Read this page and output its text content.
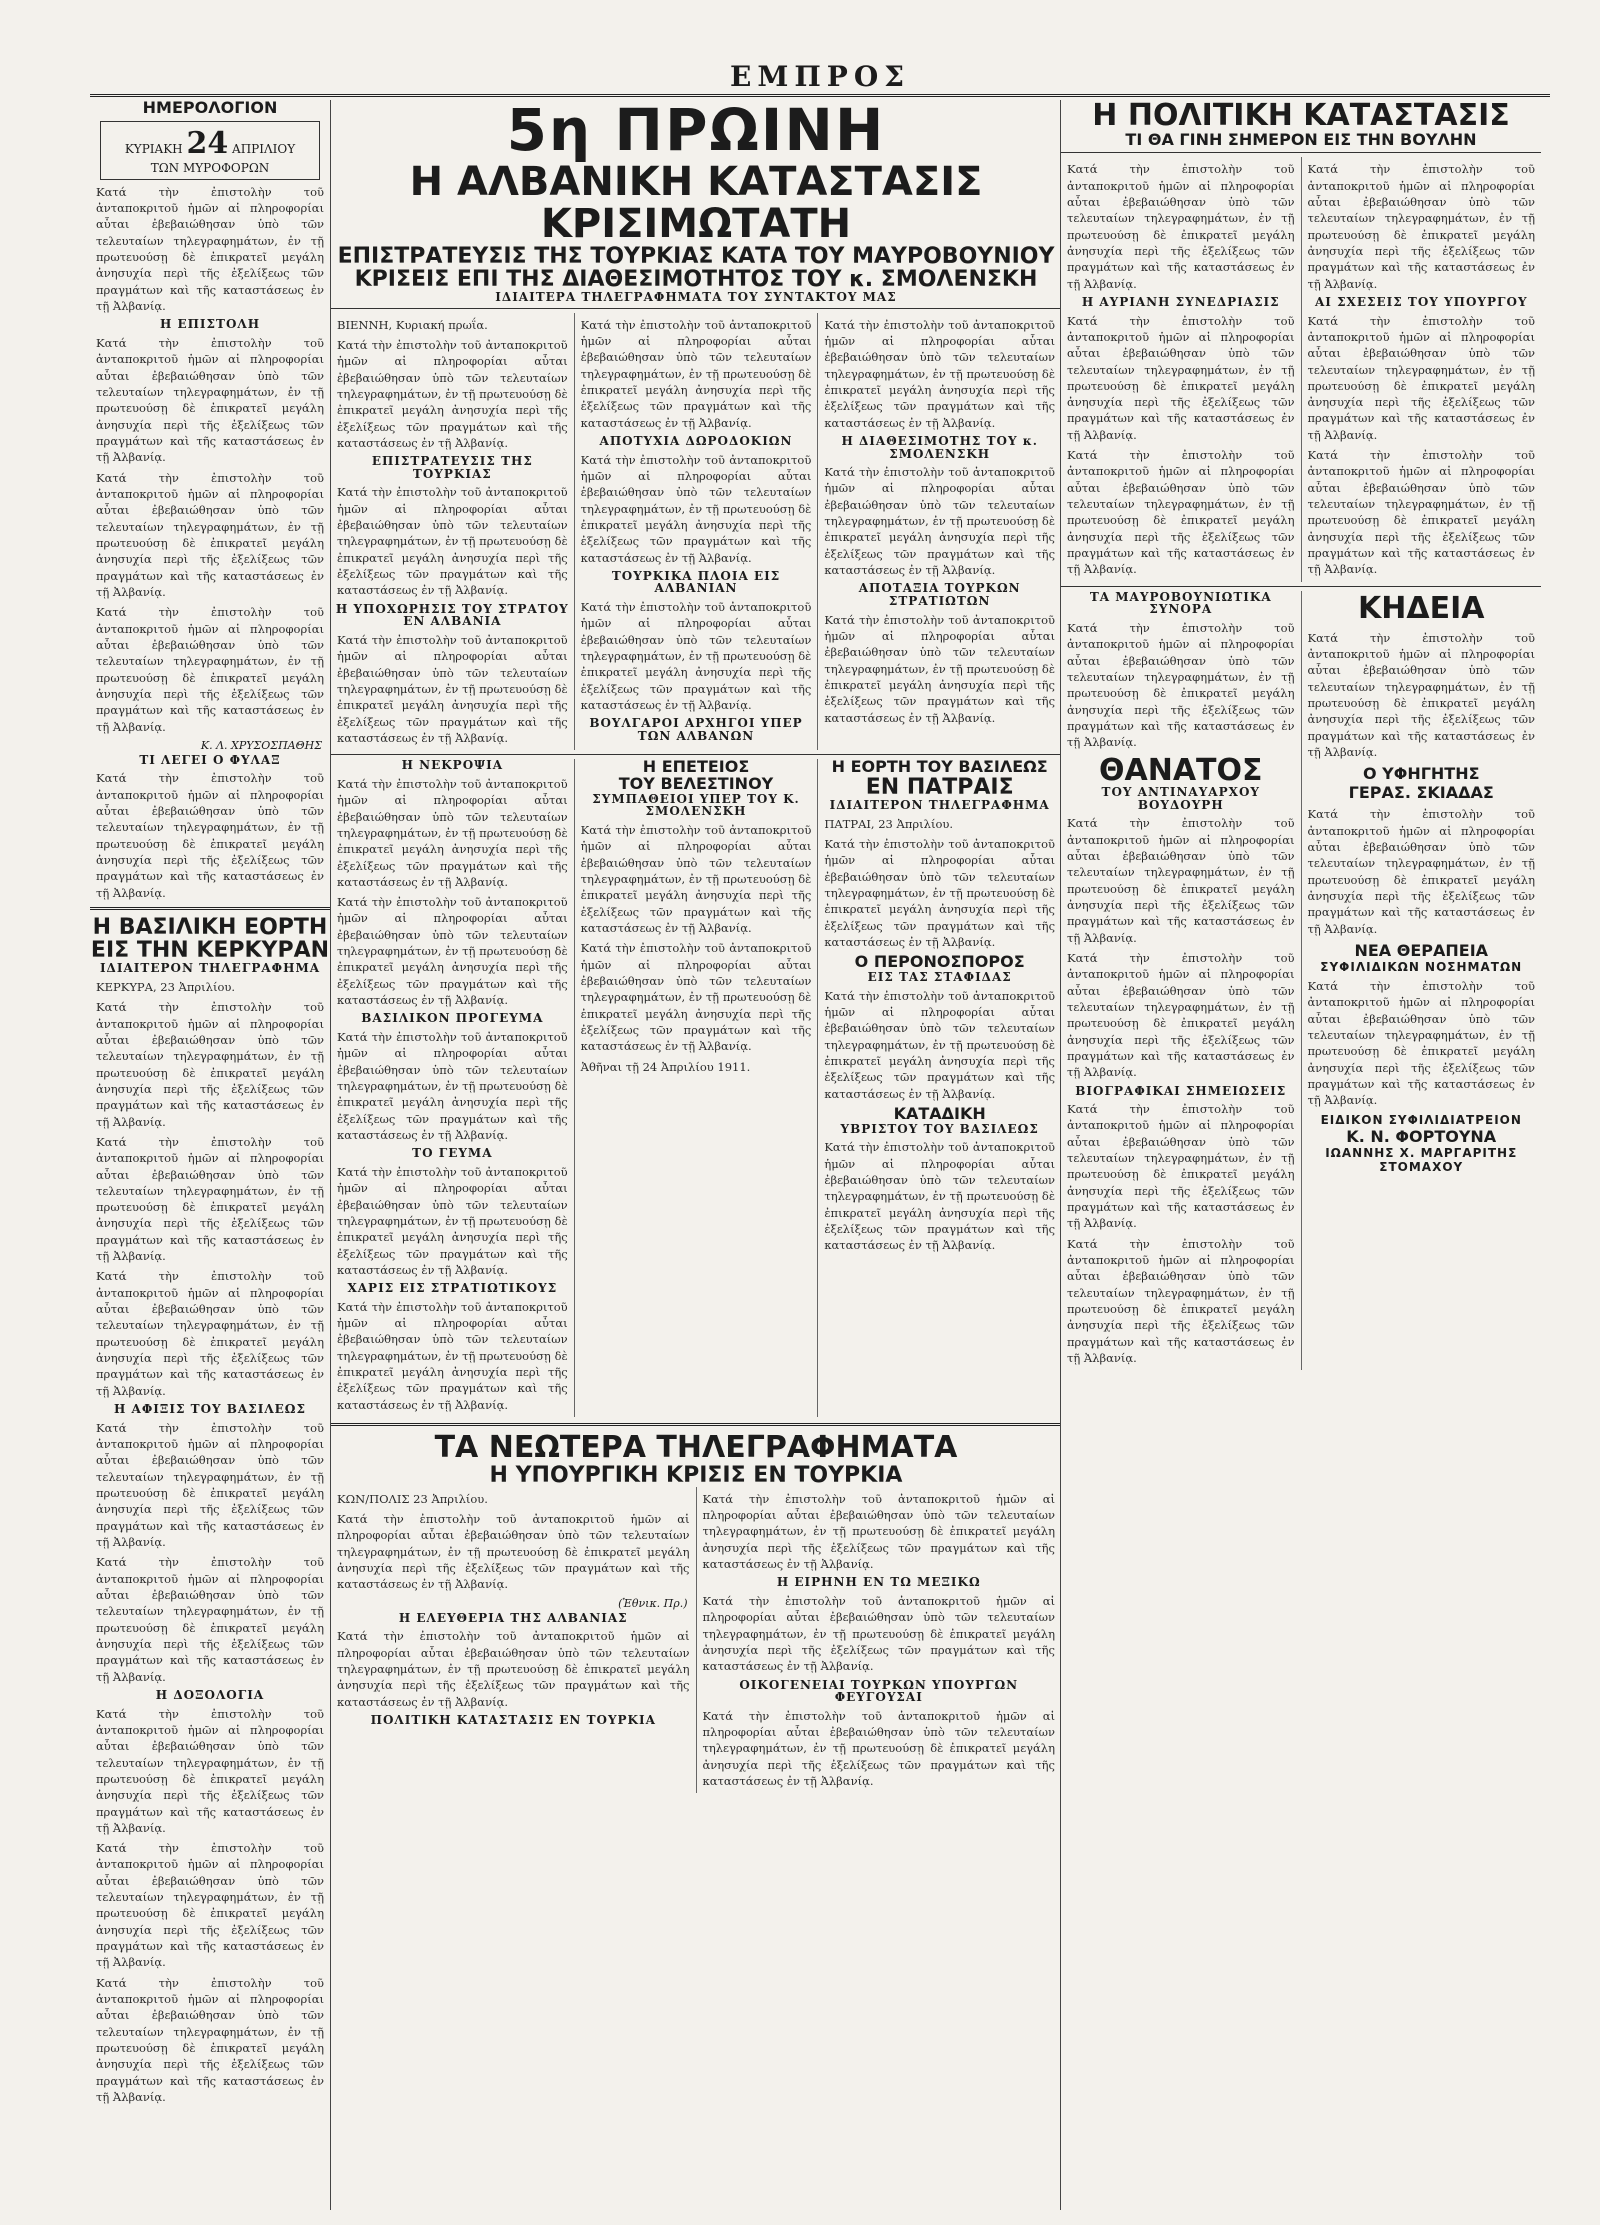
ΕΜΠΡΟΣ
ΗΜΕΡΟΛΟΓΙΟΝ
ΚΥΡΙΑΚΗ 24 ΑΠΡΙΛΙΟΥ
ΤΩΝ ΜΥΡΟΦΟΡΩΝ
Κατά τὴν ἐπιστολὴν τοῦ ἀνταποκριτοῦ ἡμῶν αἱ πληροφορίαι αὗται ἐβεβαιώθησαν ὑπὸ τῶν τελευταίων τηλεγραφημάτων, ἐν τῇ πρωτευούσῃ δὲ ἐπικρατεῖ μεγάλη ἀνησυχία περὶ τῆς ἐξελίξεως τῶν πραγμάτων καὶ τῆς καταστάσεως ἐν τῇ Ἀλβανίᾳ.
Η ΕΠΙΣΤΟΛΗ
Κατά τὴν ἐπιστολὴν τοῦ ἀνταποκριτοῦ ἡμῶν αἱ πληροφορίαι αὗται ἐβεβαιώθησαν ὑπὸ τῶν τελευταίων τηλεγραφημάτων, ἐν τῇ πρωτευούσῃ δὲ ἐπικρατεῖ μεγάλη ἀνησυχία περὶ τῆς ἐξελίξεως τῶν πραγμάτων καὶ τῆς καταστάσεως ἐν τῇ Ἀλβανίᾳ.
Κατά τὴν ἐπιστολὴν τοῦ ἀνταποκριτοῦ ἡμῶν αἱ πληροφορίαι αὗται ἐβεβαιώθησαν ὑπὸ τῶν τελευταίων τηλεγραφημάτων, ἐν τῇ πρωτευούσῃ δὲ ἐπικρατεῖ μεγάλη ἀνησυχία περὶ τῆς ἐξελίξεως τῶν πραγμάτων καὶ τῆς καταστάσεως ἐν τῇ Ἀλβανίᾳ.
Κατά τὴν ἐπιστολὴν τοῦ ἀνταποκριτοῦ ἡμῶν αἱ πληροφορίαι αὗται ἐβεβαιώθησαν ὑπὸ τῶν τελευταίων τηλεγραφημάτων, ἐν τῇ πρωτευούσῃ δὲ ἐπικρατεῖ μεγάλη ἀνησυχία περὶ τῆς ἐξελίξεως τῶν πραγμάτων καὶ τῆς καταστάσεως ἐν τῇ Ἀλβανίᾳ.
Κ. Λ. ΧΡΥΣΟΣΠΑΘΗΣ
ΤΙ ΛΕΓΕΙ Ο ΦΥΛΑΞ
Κατά τὴν ἐπιστολὴν τοῦ ἀνταποκριτοῦ ἡμῶν αἱ πληροφορίαι αὗται ἐβεβαιώθησαν ὑπὸ τῶν τελευταίων τηλεγραφημάτων, ἐν τῇ πρωτευούσῃ δὲ ἐπικρατεῖ μεγάλη ἀνησυχία περὶ τῆς ἐξελίξεως τῶν πραγμάτων καὶ τῆς καταστάσεως ἐν τῇ Ἀλβανίᾳ.
Η ΒΑΣΙΛΙΚΗ ΕΟΡΤΗ
ΕΙΣ ΤΗΝ ΚΕΡΚΥΡΑΝ
ΙΔΙΑΙΤΕΡΟΝ ΤΗΛΕΓΡΑΦΗΜΑ
ΚΕΡΚΥΡΑ, 23 Ἀπριλίου.
Κατά τὴν ἐπιστολὴν τοῦ ἀνταποκριτοῦ ἡμῶν αἱ πληροφορίαι αὗται ἐβεβαιώθησαν ὑπὸ τῶν τελευταίων τηλεγραφημάτων, ἐν τῇ πρωτευούσῃ δὲ ἐπικρατεῖ μεγάλη ἀνησυχία περὶ τῆς ἐξελίξεως τῶν πραγμάτων καὶ τῆς καταστάσεως ἐν τῇ Ἀλβανίᾳ.
Κατά τὴν ἐπιστολὴν τοῦ ἀνταποκριτοῦ ἡμῶν αἱ πληροφορίαι αὗται ἐβεβαιώθησαν ὑπὸ τῶν τελευταίων τηλεγραφημάτων, ἐν τῇ πρωτευούσῃ δὲ ἐπικρατεῖ μεγάλη ἀνησυχία περὶ τῆς ἐξελίξεως τῶν πραγμάτων καὶ τῆς καταστάσεως ἐν τῇ Ἀλβανίᾳ.
Κατά τὴν ἐπιστολὴν τοῦ ἀνταποκριτοῦ ἡμῶν αἱ πληροφορίαι αὗται ἐβεβαιώθησαν ὑπὸ τῶν τελευταίων τηλεγραφημάτων, ἐν τῇ πρωτευούσῃ δὲ ἐπικρατεῖ μεγάλη ἀνησυχία περὶ τῆς ἐξελίξεως τῶν πραγμάτων καὶ τῆς καταστάσεως ἐν τῇ Ἀλβανίᾳ.
Η ΑΦΙΞΙΣ ΤΟΥ ΒΑΣΙΛΕΩΣ
Κατά τὴν ἐπιστολὴν τοῦ ἀνταποκριτοῦ ἡμῶν αἱ πληροφορίαι αὗται ἐβεβαιώθησαν ὑπὸ τῶν τελευταίων τηλεγραφημάτων, ἐν τῇ πρωτευούσῃ δὲ ἐπικρατεῖ μεγάλη ἀνησυχία περὶ τῆς ἐξελίξεως τῶν πραγμάτων καὶ τῆς καταστάσεως ἐν τῇ Ἀλβανίᾳ.
Κατά τὴν ἐπιστολὴν τοῦ ἀνταποκριτοῦ ἡμῶν αἱ πληροφορίαι αὗται ἐβεβαιώθησαν ὑπὸ τῶν τελευταίων τηλεγραφημάτων, ἐν τῇ πρωτευούσῃ δὲ ἐπικρατεῖ μεγάλη ἀνησυχία περὶ τῆς ἐξελίξεως τῶν πραγμάτων καὶ τῆς καταστάσεως ἐν τῇ Ἀλβανίᾳ.
Η ΔΟΞΟΛΟΓΙΑ
Κατά τὴν ἐπιστολὴν τοῦ ἀνταποκριτοῦ ἡμῶν αἱ πληροφορίαι αὗται ἐβεβαιώθησαν ὑπὸ τῶν τελευταίων τηλεγραφημάτων, ἐν τῇ πρωτευούσῃ δὲ ἐπικρατεῖ μεγάλη ἀνησυχία περὶ τῆς ἐξελίξεως τῶν πραγμάτων καὶ τῆς καταστάσεως ἐν τῇ Ἀλβανίᾳ.
Κατά τὴν ἐπιστολὴν τοῦ ἀνταποκριτοῦ ἡμῶν αἱ πληροφορίαι αὗται ἐβεβαιώθησαν ὑπὸ τῶν τελευταίων τηλεγραφημάτων, ἐν τῇ πρωτευούσῃ δὲ ἐπικρατεῖ μεγάλη ἀνησυχία περὶ τῆς ἐξελίξεως τῶν πραγμάτων καὶ τῆς καταστάσεως ἐν τῇ Ἀλβανίᾳ.
Κατά τὴν ἐπιστολὴν τοῦ ἀνταποκριτοῦ ἡμῶν αἱ πληροφορίαι αὗται ἐβεβαιώθησαν ὑπὸ τῶν τελευταίων τηλεγραφημάτων, ἐν τῇ πρωτευούσῃ δὲ ἐπικρατεῖ μεγάλη ἀνησυχία περὶ τῆς ἐξελίξεως τῶν πραγμάτων καὶ τῆς καταστάσεως ἐν τῇ Ἀλβανίᾳ.
5η ΠΡΩΙΝΗ
Η ΑΛΒΑΝΙΚΗ ΚΑΤΑΣΤΑΣΙΣ ΚΡΙΣΙΜΩΤΑΤΗ
ΕΠΙΣΤΡΑΤΕΥΣΙΣ ΤΗΣ ΤΟΥΡΚΙΑΣ ΚΑΤΑ ΤΟΥ ΜΑΥΡΟΒΟΥΝΙΟΥ
ΚΡΙΣΕΙΣ ΕΠΙ ΤΗΣ ΔΙΑΘΕΣΙΜΟΤΗΤΟΣ ΤΟΥ κ. ΣΜΟΛΕΝΣΚΗ
ΙΔΙΑΙΤΕΡΑ ΤΗΛΕΓΡΑΦΗΜΑΤΑ ΤΟΥ ΣΥΝΤΑΚΤΟΥ ΜΑΣ
ΒΙΕΝΝΗ, Κυριακή πρωΐα.
Κατά τὴν ἐπιστολὴν τοῦ ἀνταποκριτοῦ ἡμῶν αἱ πληροφορίαι αὗται ἐβεβαιώθησαν ὑπὸ τῶν τελευταίων τηλεγραφημάτων, ἐν τῇ πρωτευούσῃ δὲ ἐπικρατεῖ μεγάλη ἀνησυχία περὶ τῆς ἐξελίξεως τῶν πραγμάτων καὶ τῆς καταστάσεως ἐν τῇ Ἀλβανίᾳ.
ΕΠΙΣΤΡΑΤΕΥΣΙΣ ΤΗΣ ΤΟΥΡΚΙΑΣ
Κατά τὴν ἐπιστολὴν τοῦ ἀνταποκριτοῦ ἡμῶν αἱ πληροφορίαι αὗται ἐβεβαιώθησαν ὑπὸ τῶν τελευταίων τηλεγραφημάτων, ἐν τῇ πρωτευούσῃ δὲ ἐπικρατεῖ μεγάλη ἀνησυχία περὶ τῆς ἐξελίξεως τῶν πραγμάτων καὶ τῆς καταστάσεως ἐν τῇ Ἀλβανίᾳ.
Η ΥΠΟΧΩΡΗΣΙΣ ΤΟΥ ΣΤΡΑΤΟΥ ΕΝ ΑΛΒΑΝΙΑ
Κατά τὴν ἐπιστολὴν τοῦ ἀνταποκριτοῦ ἡμῶν αἱ πληροφορίαι αὗται ἐβεβαιώθησαν ὑπὸ τῶν τελευταίων τηλεγραφημάτων, ἐν τῇ πρωτευούσῃ δὲ ἐπικρατεῖ μεγάλη ἀνησυχία περὶ τῆς ἐξελίξεως τῶν πραγμάτων καὶ τῆς καταστάσεως ἐν τῇ Ἀλβανίᾳ.
Κατά τὴν ἐπιστολὴν τοῦ ἀνταποκριτοῦ ἡμῶν αἱ πληροφορίαι αὗται ἐβεβαιώθησαν ὑπὸ τῶν τελευταίων τηλεγραφημάτων, ἐν τῇ πρωτευούσῃ δὲ ἐπικρατεῖ μεγάλη ἀνησυχία περὶ τῆς ἐξελίξεως τῶν πραγμάτων καὶ τῆς καταστάσεως ἐν τῇ Ἀλβανίᾳ.
ΑΠΟΤΥΧΙΑ ΔΩΡΟΔΟΚΙΩΝ
Κατά τὴν ἐπιστολὴν τοῦ ἀνταποκριτοῦ ἡμῶν αἱ πληροφορίαι αὗται ἐβεβαιώθησαν ὑπὸ τῶν τελευταίων τηλεγραφημάτων, ἐν τῇ πρωτευούσῃ δὲ ἐπικρατεῖ μεγάλη ἀνησυχία περὶ τῆς ἐξελίξεως τῶν πραγμάτων καὶ τῆς καταστάσεως ἐν τῇ Ἀλβανίᾳ.
ΤΟΥΡΚΙΚΑ ΠΛΟΙΑ ΕΙΣ ΑΛΒΑΝΙΑΝ
Κατά τὴν ἐπιστολὴν τοῦ ἀνταποκριτοῦ ἡμῶν αἱ πληροφορίαι αὗται ἐβεβαιώθησαν ὑπὸ τῶν τελευταίων τηλεγραφημάτων, ἐν τῇ πρωτευούσῃ δὲ ἐπικρατεῖ μεγάλη ἀνησυχία περὶ τῆς ἐξελίξεως τῶν πραγμάτων καὶ τῆς καταστάσεως ἐν τῇ Ἀλβανίᾳ.
ΒΟΥΛΓΑΡΟΙ ΑΡΧΗΓΟΙ ΥΠΕΡ ΤΩΝ ΑΛΒΑΝΩΝ
Κατά τὴν ἐπιστολὴν τοῦ ἀνταποκριτοῦ ἡμῶν αἱ πληροφορίαι αὗται ἐβεβαιώθησαν ὑπὸ τῶν τελευταίων τηλεγραφημάτων, ἐν τῇ πρωτευούσῃ δὲ ἐπικρατεῖ μεγάλη ἀνησυχία περὶ τῆς ἐξελίξεως τῶν πραγμάτων καὶ τῆς καταστάσεως ἐν τῇ Ἀλβανίᾳ.
Η ΔΙΑΘΕΣΙΜΟΤΗΣ ΤΟΥ κ. ΣΜΟΛΕΝΣΚΗ
Κατά τὴν ἐπιστολὴν τοῦ ἀνταποκριτοῦ ἡμῶν αἱ πληροφορίαι αὗται ἐβεβαιώθησαν ὑπὸ τῶν τελευταίων τηλεγραφημάτων, ἐν τῇ πρωτευούσῃ δὲ ἐπικρατεῖ μεγάλη ἀνησυχία περὶ τῆς ἐξελίξεως τῶν πραγμάτων καὶ τῆς καταστάσεως ἐν τῇ Ἀλβανίᾳ.
ΑΠΟΤΑΞΙΑ ΤΟΥΡΚΩΝ ΣΤΡΑΤΙΩΤΩΝ
Κατά τὴν ἐπιστολὴν τοῦ ἀνταποκριτοῦ ἡμῶν αἱ πληροφορίαι αὗται ἐβεβαιώθησαν ὑπὸ τῶν τελευταίων τηλεγραφημάτων, ἐν τῇ πρωτευούσῃ δὲ ἐπικρατεῖ μεγάλη ἀνησυχία περὶ τῆς ἐξελίξεως τῶν πραγμάτων καὶ τῆς καταστάσεως ἐν τῇ Ἀλβανίᾳ.
Η ΝΕΚΡΟΨΙΑ
Κατά τὴν ἐπιστολὴν τοῦ ἀνταποκριτοῦ ἡμῶν αἱ πληροφορίαι αὗται ἐβεβαιώθησαν ὑπὸ τῶν τελευταίων τηλεγραφημάτων, ἐν τῇ πρωτευούσῃ δὲ ἐπικρατεῖ μεγάλη ἀνησυχία περὶ τῆς ἐξελίξεως τῶν πραγμάτων καὶ τῆς καταστάσεως ἐν τῇ Ἀλβανίᾳ.
Κατά τὴν ἐπιστολὴν τοῦ ἀνταποκριτοῦ ἡμῶν αἱ πληροφορίαι αὗται ἐβεβαιώθησαν ὑπὸ τῶν τελευταίων τηλεγραφημάτων, ἐν τῇ πρωτευούσῃ δὲ ἐπικρατεῖ μεγάλη ἀνησυχία περὶ τῆς ἐξελίξεως τῶν πραγμάτων καὶ τῆς καταστάσεως ἐν τῇ Ἀλβανίᾳ.
ΒΑΣΙΛΙΚΟΝ ΠΡΟΓΕΥΜΑ
Κατά τὴν ἐπιστολὴν τοῦ ἀνταποκριτοῦ ἡμῶν αἱ πληροφορίαι αὗται ἐβεβαιώθησαν ὑπὸ τῶν τελευταίων τηλεγραφημάτων, ἐν τῇ πρωτευούσῃ δὲ ἐπικρατεῖ μεγάλη ἀνησυχία περὶ τῆς ἐξελίξεως τῶν πραγμάτων καὶ τῆς καταστάσεως ἐν τῇ Ἀλβανίᾳ.
ΤΟ ΓΕΥΜΑ
Κατά τὴν ἐπιστολὴν τοῦ ἀνταποκριτοῦ ἡμῶν αἱ πληροφορίαι αὗται ἐβεβαιώθησαν ὑπὸ τῶν τελευταίων τηλεγραφημάτων, ἐν τῇ πρωτευούσῃ δὲ ἐπικρατεῖ μεγάλη ἀνησυχία περὶ τῆς ἐξελίξεως τῶν πραγμάτων καὶ τῆς καταστάσεως ἐν τῇ Ἀλβανίᾳ.
ΧΑΡΙΣ ΕΙΣ ΣΤΡΑΤΙΩΤΙΚΟΥΣ
Κατά τὴν ἐπιστολὴν τοῦ ἀνταποκριτοῦ ἡμῶν αἱ πληροφορίαι αὗται ἐβεβαιώθησαν ὑπὸ τῶν τελευταίων τηλεγραφημάτων, ἐν τῇ πρωτευούσῃ δὲ ἐπικρατεῖ μεγάλη ἀνησυχία περὶ τῆς ἐξελίξεως τῶν πραγμάτων καὶ τῆς καταστάσεως ἐν τῇ Ἀλβανίᾳ.
Η ΕΠΕΤΕΙΟΣ
ΤΟΥ ΒΕΛΕΣΤΙΝΟΥ
ΣΥΜΠΑΘΕΙΟΙ ΥΠΕΡ ΤΟΥ Κ. ΣΜΟΛΕΝΣΚΗ
Κατά τὴν ἐπιστολὴν τοῦ ἀνταποκριτοῦ ἡμῶν αἱ πληροφορίαι αὗται ἐβεβαιώθησαν ὑπὸ τῶν τελευταίων τηλεγραφημάτων, ἐν τῇ πρωτευούσῃ δὲ ἐπικρατεῖ μεγάλη ἀνησυχία περὶ τῆς ἐξελίξεως τῶν πραγμάτων καὶ τῆς καταστάσεως ἐν τῇ Ἀλβανίᾳ.
Κατά τὴν ἐπιστολὴν τοῦ ἀνταποκριτοῦ ἡμῶν αἱ πληροφορίαι αὗται ἐβεβαιώθησαν ὑπὸ τῶν τελευταίων τηλεγραφημάτων, ἐν τῇ πρωτευούσῃ δὲ ἐπικρατεῖ μεγάλη ἀνησυχία περὶ τῆς ἐξελίξεως τῶν πραγμάτων καὶ τῆς καταστάσεως ἐν τῇ Ἀλβανίᾳ.
Ἀθῆναι τῇ 24 Ἀπριλίου 1911.
Η ΕΟΡΤΗ ΤΟΥ ΒΑΣΙΛΕΩΣ
ΕΝ ΠΑΤΡΑΙΣ
ΙΔΙΑΙΤΕΡΟΝ ΤΗΛΕΓΡΑΦΗΜΑ
ΠΑΤΡΑΙ, 23 Ἀπριλίου.
Κατά τὴν ἐπιστολὴν τοῦ ἀνταποκριτοῦ ἡμῶν αἱ πληροφορίαι αὗται ἐβεβαιώθησαν ὑπὸ τῶν τελευταίων τηλεγραφημάτων, ἐν τῇ πρωτευούσῃ δὲ ἐπικρατεῖ μεγάλη ἀνησυχία περὶ τῆς ἐξελίξεως τῶν πραγμάτων καὶ τῆς καταστάσεως ἐν τῇ Ἀλβανίᾳ.
Ο ΠΕΡΟΝΟΣΠΟΡΟΣ
ΕΙΣ ΤΑΣ ΣΤΑΦΙΔΑΣ
Κατά τὴν ἐπιστολὴν τοῦ ἀνταποκριτοῦ ἡμῶν αἱ πληροφορίαι αὗται ἐβεβαιώθησαν ὑπὸ τῶν τελευταίων τηλεγραφημάτων, ἐν τῇ πρωτευούσῃ δὲ ἐπικρατεῖ μεγάλη ἀνησυχία περὶ τῆς ἐξελίξεως τῶν πραγμάτων καὶ τῆς καταστάσεως ἐν τῇ Ἀλβανίᾳ.
ΚΑΤΑΔΙΚΗ
ΥΒΡΙΣΤΟΥ ΤΟΥ ΒΑΣΙΛΕΩΣ
Κατά τὴν ἐπιστολὴν τοῦ ἀνταποκριτοῦ ἡμῶν αἱ πληροφορίαι αὗται ἐβεβαιώθησαν ὑπὸ τῶν τελευταίων τηλεγραφημάτων, ἐν τῇ πρωτευούσῃ δὲ ἐπικρατεῖ μεγάλη ἀνησυχία περὶ τῆς ἐξελίξεως τῶν πραγμάτων καὶ τῆς καταστάσεως ἐν τῇ Ἀλβανίᾳ.
ΤΑ ΝΕΩΤΕΡΑ ΤΗΛΕΓΡΑΦΗΜΑΤΑ
Η ΥΠΟΥΡΓΙΚΗ ΚΡΙΣΙΣ ΕΝ ΤΟΥΡΚΙΑ
ΚΩΝ/ΠΟΛΙΣ 23 Ἀπριλίου.
Κατά τὴν ἐπιστολὴν τοῦ ἀνταποκριτοῦ ἡμῶν αἱ πληροφορίαι αὗται ἐβεβαιώθησαν ὑπὸ τῶν τελευταίων τηλεγραφημάτων, ἐν τῇ πρωτευούσῃ δὲ ἐπικρατεῖ μεγάλη ἀνησυχία περὶ τῆς ἐξελίξεως τῶν πραγμάτων καὶ τῆς καταστάσεως ἐν τῇ Ἀλβανίᾳ.
(Ἐθνικ. Πρ.)
Η ΕΛΕΥΘΕΡΙΑ ΤΗΣ ΑΛΒΑΝΙΑΣ
Κατά τὴν ἐπιστολὴν τοῦ ἀνταποκριτοῦ ἡμῶν αἱ πληροφορίαι αὗται ἐβεβαιώθησαν ὑπὸ τῶν τελευταίων τηλεγραφημάτων, ἐν τῇ πρωτευούσῃ δὲ ἐπικρατεῖ μεγάλη ἀνησυχία περὶ τῆς ἐξελίξεως τῶν πραγμάτων καὶ τῆς καταστάσεως ἐν τῇ Ἀλβανίᾳ.
ΠΟΛΙΤΙΚΗ ΚΑΤΑΣΤΑΣΙΣ ΕΝ ΤΟΥΡΚΙΑ
Κατά τὴν ἐπιστολὴν τοῦ ἀνταποκριτοῦ ἡμῶν αἱ πληροφορίαι αὗται ἐβεβαιώθησαν ὑπὸ τῶν τελευταίων τηλεγραφημάτων, ἐν τῇ πρωτευούσῃ δὲ ἐπικρατεῖ μεγάλη ἀνησυχία περὶ τῆς ἐξελίξεως τῶν πραγμάτων καὶ τῆς καταστάσεως ἐν τῇ Ἀλβανίᾳ.
Η ΕΙΡΗΝΗ ΕΝ ΤΩ ΜΕΞΙΚΩ
Κατά τὴν ἐπιστολὴν τοῦ ἀνταποκριτοῦ ἡμῶν αἱ πληροφορίαι αὗται ἐβεβαιώθησαν ὑπὸ τῶν τελευταίων τηλεγραφημάτων, ἐν τῇ πρωτευούσῃ δὲ ἐπικρατεῖ μεγάλη ἀνησυχία περὶ τῆς ἐξελίξεως τῶν πραγμάτων καὶ τῆς καταστάσεως ἐν τῇ Ἀλβανίᾳ.
ΟΙΚΟΓΕΝΕΙΑΙ ΤΟΥΡΚΩΝ ΥΠΟΥΡΓΩΝ ΦΕΥΓΟΥΣΑΙ
Κατά τὴν ἐπιστολὴν τοῦ ἀνταποκριτοῦ ἡμῶν αἱ πληροφορίαι αὗται ἐβεβαιώθησαν ὑπὸ τῶν τελευταίων τηλεγραφημάτων, ἐν τῇ πρωτευούσῃ δὲ ἐπικρατεῖ μεγάλη ἀνησυχία περὶ τῆς ἐξελίξεως τῶν πραγμάτων καὶ τῆς καταστάσεως ἐν τῇ Ἀλβανίᾳ.
Η ΠΟΛΙΤΙΚΗ ΚΑΤΑΣΤΑΣΙΣ
ΤΙ ΘΑ ΓΙΝΗ ΣΗΜΕΡΟΝ ΕΙΣ ΤΗΝ ΒΟΥΛΗΝ
Κατά τὴν ἐπιστολὴν τοῦ ἀνταποκριτοῦ ἡμῶν αἱ πληροφορίαι αὗται ἐβεβαιώθησαν ὑπὸ τῶν τελευταίων τηλεγραφημάτων, ἐν τῇ πρωτευούσῃ δὲ ἐπικρατεῖ μεγάλη ἀνησυχία περὶ τῆς ἐξελίξεως τῶν πραγμάτων καὶ τῆς καταστάσεως ἐν τῇ Ἀλβανίᾳ.
Η ΑΥΡΙΑΝΗ ΣΥΝΕΔΡΙΑΣΙΣ
Κατά τὴν ἐπιστολὴν τοῦ ἀνταποκριτοῦ ἡμῶν αἱ πληροφορίαι αὗται ἐβεβαιώθησαν ὑπὸ τῶν τελευταίων τηλεγραφημάτων, ἐν τῇ πρωτευούσῃ δὲ ἐπικρατεῖ μεγάλη ἀνησυχία περὶ τῆς ἐξελίξεως τῶν πραγμάτων καὶ τῆς καταστάσεως ἐν τῇ Ἀλβανίᾳ.
Κατά τὴν ἐπιστολὴν τοῦ ἀνταποκριτοῦ ἡμῶν αἱ πληροφορίαι αὗται ἐβεβαιώθησαν ὑπὸ τῶν τελευταίων τηλεγραφημάτων, ἐν τῇ πρωτευούσῃ δὲ ἐπικρατεῖ μεγάλη ἀνησυχία περὶ τῆς ἐξελίξεως τῶν πραγμάτων καὶ τῆς καταστάσεως ἐν τῇ Ἀλβανίᾳ.
Κατά τὴν ἐπιστολὴν τοῦ ἀνταποκριτοῦ ἡμῶν αἱ πληροφορίαι αὗται ἐβεβαιώθησαν ὑπὸ τῶν τελευταίων τηλεγραφημάτων, ἐν τῇ πρωτευούσῃ δὲ ἐπικρατεῖ μεγάλη ἀνησυχία περὶ τῆς ἐξελίξεως τῶν πραγμάτων καὶ τῆς καταστάσεως ἐν τῇ Ἀλβανίᾳ.
ΑΙ ΣΧΕΣΕΙΣ ΤΟΥ ΥΠΟΥΡΓΟΥ
Κατά τὴν ἐπιστολὴν τοῦ ἀνταποκριτοῦ ἡμῶν αἱ πληροφορίαι αὗται ἐβεβαιώθησαν ὑπὸ τῶν τελευταίων τηλεγραφημάτων, ἐν τῇ πρωτευούσῃ δὲ ἐπικρατεῖ μεγάλη ἀνησυχία περὶ τῆς ἐξελίξεως τῶν πραγμάτων καὶ τῆς καταστάσεως ἐν τῇ Ἀλβανίᾳ.
Κατά τὴν ἐπιστολὴν τοῦ ἀνταποκριτοῦ ἡμῶν αἱ πληροφορίαι αὗται ἐβεβαιώθησαν ὑπὸ τῶν τελευταίων τηλεγραφημάτων, ἐν τῇ πρωτευούσῃ δὲ ἐπικρατεῖ μεγάλη ἀνησυχία περὶ τῆς ἐξελίξεως τῶν πραγμάτων καὶ τῆς καταστάσεως ἐν τῇ Ἀλβανίᾳ.
ΤΑ ΜΑΥΡΟΒΟΥΝΙΩΤΙΚΑ ΣΥΝΟΡΑ
Κατά τὴν ἐπιστολὴν τοῦ ἀνταποκριτοῦ ἡμῶν αἱ πληροφορίαι αὗται ἐβεβαιώθησαν ὑπὸ τῶν τελευταίων τηλεγραφημάτων, ἐν τῇ πρωτευούσῃ δὲ ἐπικρατεῖ μεγάλη ἀνησυχία περὶ τῆς ἐξελίξεως τῶν πραγμάτων καὶ τῆς καταστάσεως ἐν τῇ Ἀλβανίᾳ.
ΘΑΝΑΤΟΣ
ΤΟΥ ΑΝΤΙΝΑΥΑΡΧΟΥ ΒΟΥΔΟΥΡΗ
Κατά τὴν ἐπιστολὴν τοῦ ἀνταποκριτοῦ ἡμῶν αἱ πληροφορίαι αὗται ἐβεβαιώθησαν ὑπὸ τῶν τελευταίων τηλεγραφημάτων, ἐν τῇ πρωτευούσῃ δὲ ἐπικρατεῖ μεγάλη ἀνησυχία περὶ τῆς ἐξελίξεως τῶν πραγμάτων καὶ τῆς καταστάσεως ἐν τῇ Ἀλβανίᾳ.
Κατά τὴν ἐπιστολὴν τοῦ ἀνταποκριτοῦ ἡμῶν αἱ πληροφορίαι αὗται ἐβεβαιώθησαν ὑπὸ τῶν τελευταίων τηλεγραφημάτων, ἐν τῇ πρωτευούσῃ δὲ ἐπικρατεῖ μεγάλη ἀνησυχία περὶ τῆς ἐξελίξεως τῶν πραγμάτων καὶ τῆς καταστάσεως ἐν τῇ Ἀλβανίᾳ.
ΒΙΟΓΡΑΦΙΚΑΙ ΣΗΜΕΙΩΣΕΙΣ
Κατά τὴν ἐπιστολὴν τοῦ ἀνταποκριτοῦ ἡμῶν αἱ πληροφορίαι αὗται ἐβεβαιώθησαν ὑπὸ τῶν τελευταίων τηλεγραφημάτων, ἐν τῇ πρωτευούσῃ δὲ ἐπικρατεῖ μεγάλη ἀνησυχία περὶ τῆς ἐξελίξεως τῶν πραγμάτων καὶ τῆς καταστάσεως ἐν τῇ Ἀλβανίᾳ.
Κατά τὴν ἐπιστολὴν τοῦ ἀνταποκριτοῦ ἡμῶν αἱ πληροφορίαι αὗται ἐβεβαιώθησαν ὑπὸ τῶν τελευταίων τηλεγραφημάτων, ἐν τῇ πρωτευούσῃ δὲ ἐπικρατεῖ μεγάλη ἀνησυχία περὶ τῆς ἐξελίξεως τῶν πραγμάτων καὶ τῆς καταστάσεως ἐν τῇ Ἀλβανίᾳ.
ΚΗΔΕΙΑ
Κατά τὴν ἐπιστολὴν τοῦ ἀνταποκριτοῦ ἡμῶν αἱ πληροφορίαι αὗται ἐβεβαιώθησαν ὑπὸ τῶν τελευταίων τηλεγραφημάτων, ἐν τῇ πρωτευούσῃ δὲ ἐπικρατεῖ μεγάλη ἀνησυχία περὶ τῆς ἐξελίξεως τῶν πραγμάτων καὶ τῆς καταστάσεως ἐν τῇ Ἀλβανίᾳ.
Ο ΥΦΗΓΗΤΗΣ
ΓΕΡΑΣ. ΣΚΙΑΔΑΣ
Κατά τὴν ἐπιστολὴν τοῦ ἀνταποκριτοῦ ἡμῶν αἱ πληροφορίαι αὗται ἐβεβαιώθησαν ὑπὸ τῶν τελευταίων τηλεγραφημάτων, ἐν τῇ πρωτευούσῃ δὲ ἐπικρατεῖ μεγάλη ἀνησυχία περὶ τῆς ἐξελίξεως τῶν πραγμάτων καὶ τῆς καταστάσεως ἐν τῇ Ἀλβανίᾳ.
ΝΕΑ ΘΕΡΑΠΕΙΑ
ΣΥΦΙΛΙΔΙΚΩΝ ΝΟΣΗΜΑΤΩΝ
Κατά τὴν ἐπιστολὴν τοῦ ἀνταποκριτοῦ ἡμῶν αἱ πληροφορίαι αὗται ἐβεβαιώθησαν ὑπὸ τῶν τελευταίων τηλεγραφημάτων, ἐν τῇ πρωτευούσῃ δὲ ἐπικρατεῖ μεγάλη ἀνησυχία περὶ τῆς ἐξελίξεως τῶν πραγμάτων καὶ τῆς καταστάσεως ἐν τῇ Ἀλβανίᾳ.
ΕΙΔΙΚΟΝ ΣΥΦΙΛΙΔΙΑΤΡΕΙΟΝ
Κ. Ν. ΦΟΡΤΟΥΝΑ
ΙΩΑΝΝΗΣ Χ. ΜΑΡΓΑΡΙΤΗΣ
ΣΤΟΜΑΧΟΥ
